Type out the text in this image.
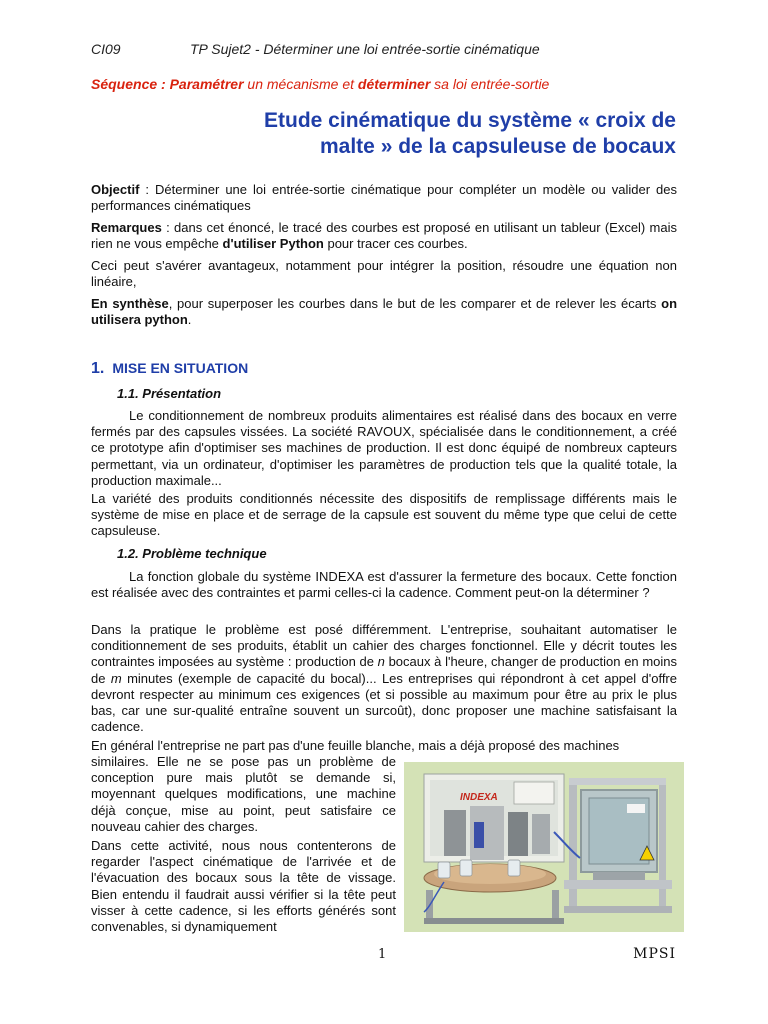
CI09	TP Sujet2 - Déterminer une loi entrée-sortie cinématique
Séquence : Paramétrer un mécanisme et déterminer sa loi entrée-sortie
Etude cinématique du système « croix de
malte » de la capsuleuse de bocaux

Objectif : Déterminer une loi entrée-sortie cinématique pour compléter un modèle ou valider des performances cinématiques

Remarques : dans cet énoncé, le tracé des courbes est proposé en utilisant un tableur (Excel) mais rien ne vous empêche d'utiliser Python pour tracer ces courbes.

Ceci peut s'avérer avantageux, notamment pour intégrer la position, résoudre une équation non linéaire,

En synthèse, pour superposer les courbes dans le but de les comparer et de relever les écarts on utilisera python.

1. MISE EN SITUATION
1.1. Présentation

Le conditionnement de nombreux produits alimentaires est réalisé dans des bocaux en verre fermés par des capsules vissées. La société RAVOUX, spécialisée dans le conditionnement, a créé ce prototype afin d'optimiser ses machines de production. Il est donc équipé de nombreux capteurs permettant, via un ordinateur, d'optimiser les paramètres de production tels que la qualité totale, la production maximale...

La variété des produits conditionnés nécessite des dispositifs de remplissage différents mais le système de mise en place et de serrage de la capsule est souvent du même type que celui de cette capsuleuse.

1.2. Problème technique

La fonction globale du système INDEXA est d'assurer la fermeture des bocaux. Cette fonction est réalisée avec des contraintes et parmi celles-ci la cadence. Comment peut-on la déterminer ?

Dans la pratique le problème est posé différemment. L'entreprise, souhaitant automatiser le conditionnement de ses produits, établit un cahier des charges fonctionnel. Elle y décrit toutes les contraintes imposées au système : production de n bocaux à l'heure, changer de production en moins de m minutes (exemple de capacité du bocal)... Les entreprises qui répondront à cet appel d'offre devront respecter au minimum ces exigences (et si possible au maximum pour être au prix le plus bas, car une sur-qualité entraîne souvent un surcoût), donc proposer une machine satisfaisant la cadence.

En général l'entreprise ne part pas d'une feuille blanche, mais a déjà proposé des machines

similaires. Elle ne se pose pas un problème de conception pure mais plutôt se demande si, moyennant quelques modifications, une machine déjà conçue, mise au point, peut satisfaire ce nouveau cahier des charges.

Dans cette activité, nous nous contenterons de regarder l'aspect cinématique de l'arrivée et de l'évacuation des bocaux sous la tête de vissage. Bien entendu il faudrait aussi vérifier si la tête peut visser à cette cadence, si les efforts générés sont convenables, si dynamiquement

INDEXA
1	MPSI
